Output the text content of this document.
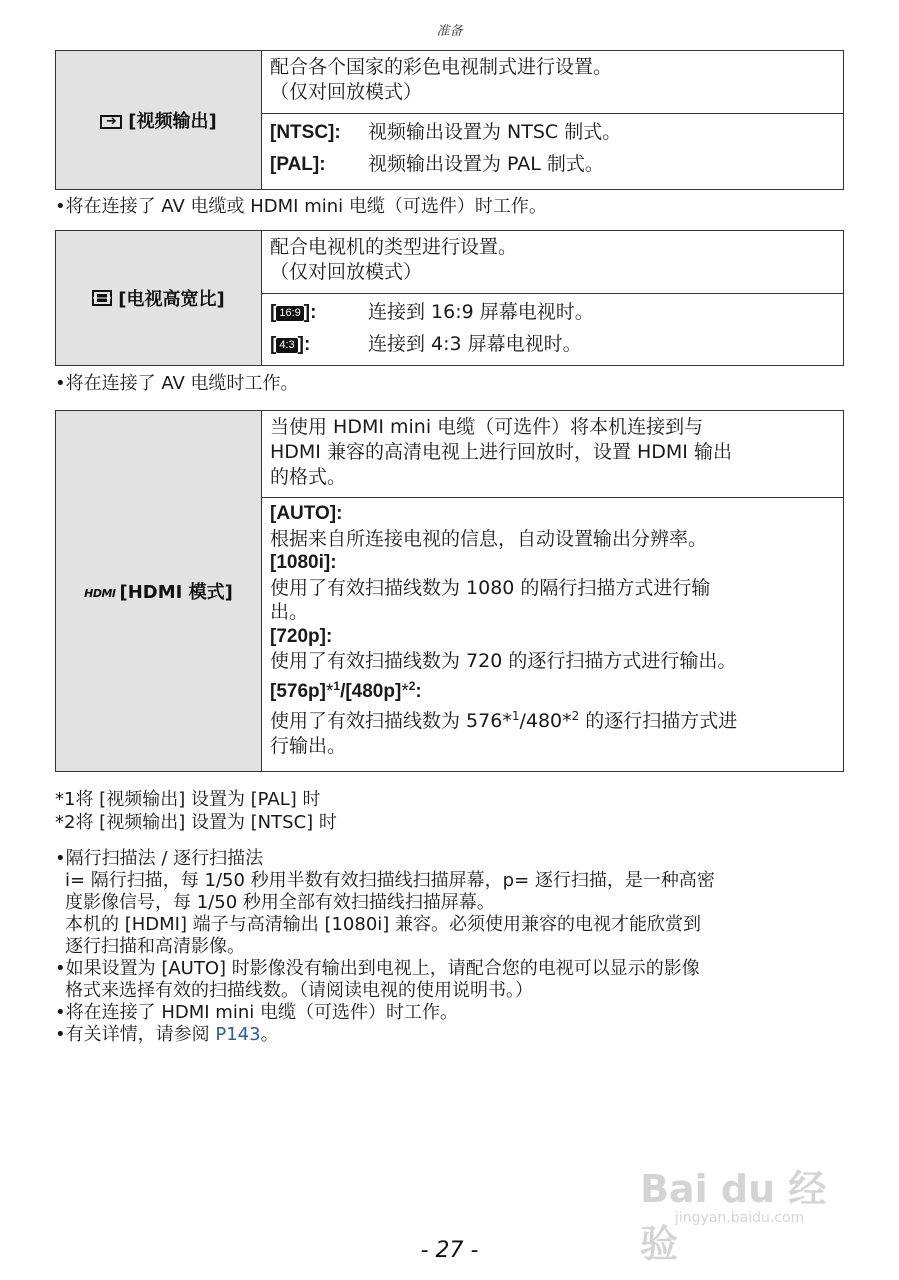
准备
➜ [视频输出]	
配合各个国家的彩色电视制式进行设置。
（仅对回放模式）

[NTSC]:	视频输出设置为 NTSC 制式。
[PAL]:	视频输出设置为 PAL 制式。
•将在连接了 AV 电缆或 HDMI mini 电缆（可选件）时工作。
[电视高宽比]	
配合电视机的类型进行设置。
（仅对回放模式）

[ 16:9 ]:	连接到 16:9 屏幕电视时。
[ 4:3 ]:	连接到 4:3 屏幕电视时。
•将在连接了 AV 电缆时工作。
HDMI [HDMI 模式]	
当使用 HDMI mini 电缆（可选件）将本机连接到与
HDMI 兼容的高清电视上进行回放时，设置 HDMI 输出
的格式。

[AUTO]:
根据来自所连接电视的信息，自动设置输出分辨率。
[1080i]:
使用了有效扫描线数为 1080 的隔行扫描方式进行输
出。
[720p]:
使用了有效扫描线数为 720 的逐行扫描方式进行输出。
[576p]*$^1$/[480p]*$^2$:
使用了有效扫描线数为 576*$^1$/480*$^2$ 的逐行扫描方式进
行输出。
*1将 [视频输出] 设置为 [PAL] 时
*2将 [视频输出] 设置为 [NTSC] 时
•隔行扫描法 / 逐行扫描法
i= 隔行扫描，每 1/50 秒用半数有效扫描线扫描屏幕，p= 逐行扫描，是一种高密
度影像信号，每 1/50 秒用全部有效扫描线扫描屏幕。
本机的 [HDMI] 端子与高清输出 [1080i] 兼容。必须使用兼容的电视才能欣赏到
逐行扫描和高清影像。
•如果设置为 [AUTO] 时影像没有输出到电视上，请配合您的电视可以显示的影像
格式来选择有效的扫描线数。（请阅读电视的使用说明书。）
•将在连接了 HDMI mini 电缆（可选件）时工作。
•有关详情，请参阅 P143。
Bai du 经验
jingyan.baidu.com
- 27 -
